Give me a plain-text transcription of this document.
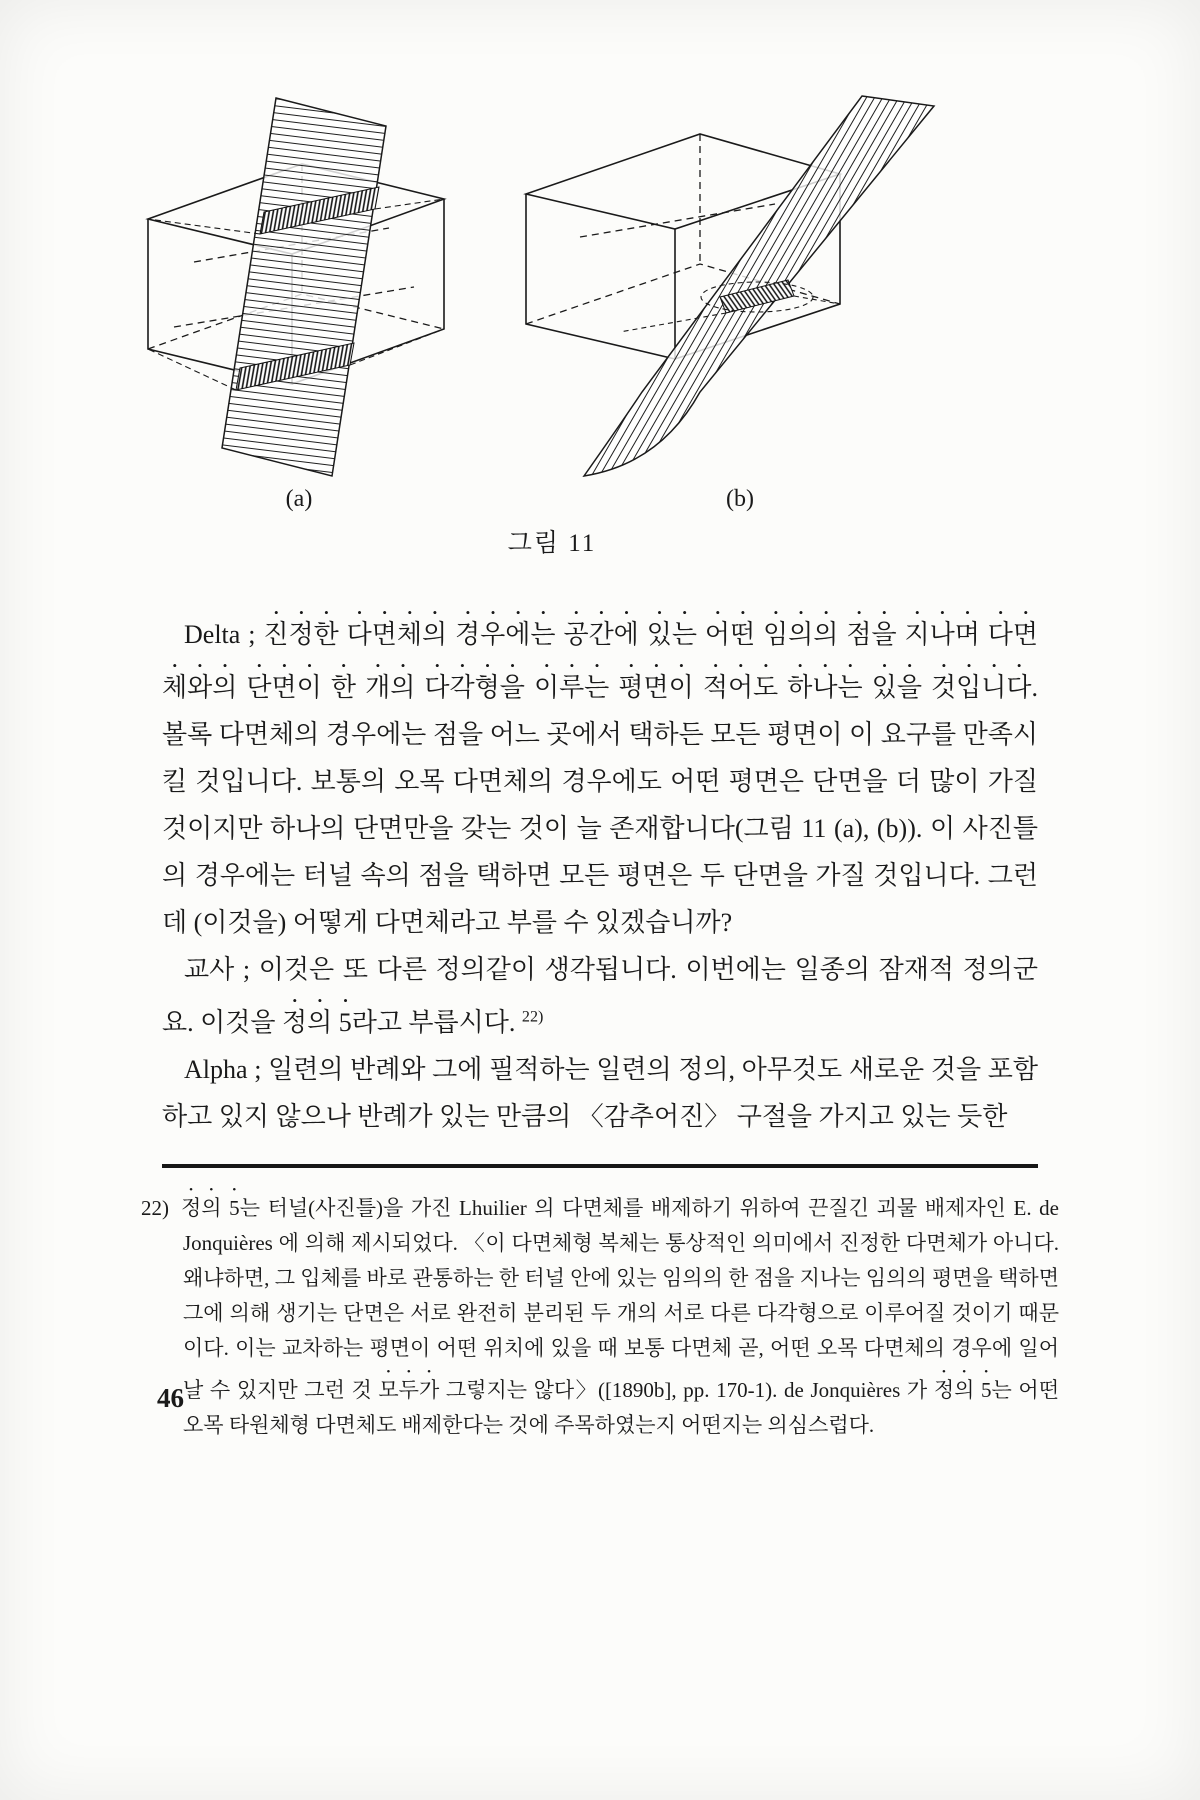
(a)	(b)
그림 11

Delta ; 진정한 다면체의 경우에는 공간에 있는 어떤 임의의 점을 지나며 다면체와의 단면이 한 개의 다각형을 이루는 평면이 적어도 하나는 있을 것입니다. 볼록 다면체의 경우에는 점을 어느 곳에서 택하든 모든 평면이 이 요구를 만족시킬 것입니다. 보통의 오목 다면체의 경우에도 어떤 평면은 단면을 더 많이 가질 것이지만 하나의 단면만을 갖는 것이 늘 존재합니다(그림 11 (a), (b)). 이 사진틀의 경우에는 터널 속의 점을 택하면 모든 평면은 두 단면을 가질 것입니다. 그런데 (이것을) 어떻게 다면체라고 부를 수 있겠습니까?

교사 ; 이것은 또 다른 정의같이 생각됩니다. 이번에는 일종의 잠재적 정의군요. 이것을 정의 5라고 부릅시다. $^{22)}$

Alpha ; 일련의 반례와 그에 필적하는 일련의 정의, 아무것도 새로운 것을 포함하고 있지 않으나 반례가 있는 만큼의 〈감추어진〉 구절을 가지고 있는 듯한

22) 정의 5는 터널(사진틀)을 가진 Lhuilier 의 다면체를 배제하기 위하여 끈질긴 괴물 배제자인 E. de Jonquières 에 의해 제시되었다. 〈이 다면체형 복체는 통상적인 의미에서 진정한 다면체가 아니다. 왜냐하면, 그 입체를 바로 관통하는 한 터널 안에 있는 임의의 한 점을 지나는 임의의 평면을 택하면 그에 의해 생기는 단면은 서로 완전히 분리된 두 개의 서로 다른 다각형으로 이루어질 것이기 때문이다. 이는 교차하는 평면이 어떤 위치에 있을 때 보통 다면체 곧, 어떤 오목 다면체의 경우에 일어날 수 있지만 그런 것 모두가 그렇지는 않다〉([1890b], pp. 170-1). de Jonquières 가 정의 5는 어떤 오목 타원체형 다면체도 배제한다는 것에 주목하였는지 어떤지는 의심스럽다.
46
